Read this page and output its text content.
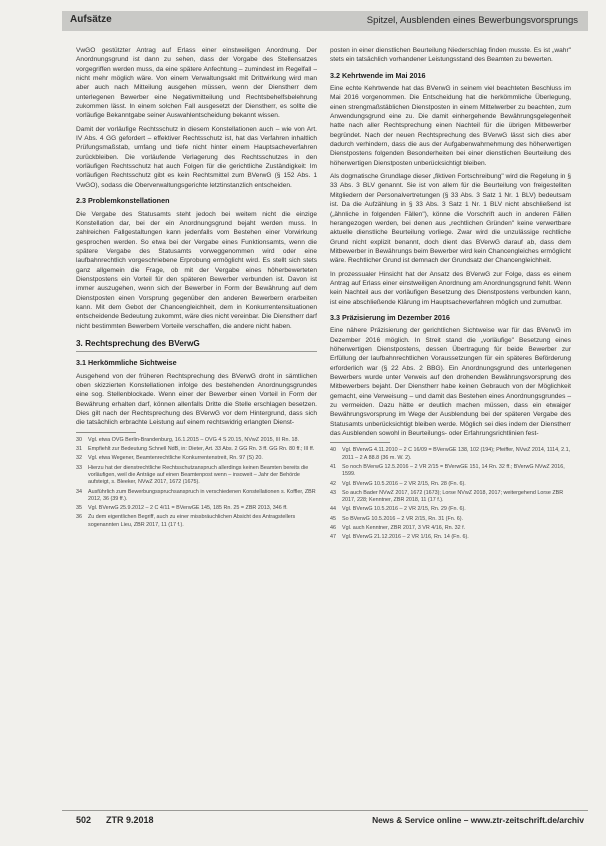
Aufsätze	Spitzel, Ausblenden eines Bewerbungsvorsprungs

VwGO gestützter Antrag auf Erlass einer einstweiligen Anordnung. Der Anordnungsgrund ist dann zu sehen, dass der Vorgabe des Stellensatzes vorgegriffen werden muss, da eine spätere Anfechtung – zumindest im Regelfall – nicht mehr möglich wäre. Von einem Verwaltungsakt mit Drittwirkung wird man aber auch nach Mitteilung ausgehen müssen, wenn der Dienstherr dem unterlegenen Bewerber eine Negativmitteilung und Rechtsbehelfsbelehrung zukommen lässt. In einem solchen Fall ausgesetzt der Dienstherr, es sollte die vorläufige Bekanntgabe seiner Auswahlentscheidung bekannt wissen.

Damit der vorläufige Rechtsschutz in diesem Konstellationen auch – wie von Art. IV Abs. 4 GG gefordert – effektiver Rechtsschutz ist, hat das Verfahren inhaltlich Prüfungsmaßstab, umfang und tiefe nicht hinter einem Hauptsacheverfahren zurückbleiben. Die vorläufende Verlagerung des Rechtsschutzes in den vorläufigen Rechtsschutz hat auch Folgen für die gerichtliche Zuständigkeit: Im vorläufigen Rechtsschutz gibt es kein Rechtsmittel zum BVerwG (§ 152 Abs. 1 VwGO), sodass die Oberverwaltungsgerichte letztinstanzlich entscheiden.

2.3 Problemkonstellationen

Die Vergabe des Statusamts steht jedoch bei weitem nicht die einzige Konstellation dar, bei der ein Anordnungsgrund bejaht werden muss. In zahlreichen Fallgestaltungen kann jedenfalls vom Bestehen einer Vorwirkung gesprochen werden. So etwa bei der Vergabe eines Funktionsamts, wenn die spätere Vergabe des Statusamts vorweggenommen wird oder eine laufbahnrechtlich vorgeschriebene Erprobung ermöglicht wird. Es stellt sich stets ganz allgemein die Frage, ob mit der Vergabe eines höherbewerteten Dienstpostens ein Vorteil für den späteren Bewerber verbunden ist. Davon ist immer auszugehen, wenn sich der Bewerber in Form der Bewährung auf dem Dienstposten einen Vorsprung gegenüber den anderen Bewerbern erarbeiten kann. Mit dem Gebot der Chancengleichheit, dem in Konkurrentensituationen entscheidende Bedeutung zukommt, wäre dies nicht vereinbar. Die Dienstherr darf nicht bestimmten Bewerbern Vorteile verschaffen, die andere nicht haben.

3. Rechtsprechung des BVerwG
3.1 Herkömmliche Sichtweise

Ausgehend von der früheren Rechtsprechung des BVerwG droht in sämtlichen oben skizzierten Konstellationen infolge des bestehenden Anordnungsgrundes eine sog. Stellenblockade. Wenn einer der Bewerber einen Vorteil in Form der Bewährung erhalten darf, können allenfalls Dritte die Stelle erschlagen besetzen. Dies gilt nach der Rechtsprechung des BVerwG vor dem Hintergrund, dass sich die tatsächlich erbrachte Leistung auf einem rechtswidrig erlangten Dienst-

30 Vgl. etwa OVG Berlin-Brandenburg, 16.1.2015 – OVG 4 S 20.15, NVwZ 2015, III Rn. 18.
31 Empfiehlt zur Bedeutung Schnell NdB, in: Dieter, Art. 33 Abs. 2 GG Rn. 3 ff. GG Rn. 80 ff.; III ff.
32 Vgl. etwa Wegener, Beamtenrechtliche Konkurrentenstreit, Rn. 97 (S) 20.
33 Hierzu hat der dienstrechtliche Rechtsschutzanspruch allerdings keinen Beamten bereits die vorläufigen, weil die Anträge auf einen Beamtenpost wenn – insoweit – Jahr der Behörde aufsteigt, s. Bleeker, NVwZ 2017, 1672 (1675).
34 Ausführlich zum Bewerbungsspruchsanspruch in verschiedenen Konstellationen s. Koffler, ZBR 2012, 36 (39 ff.).
35 Vgl. BVerwG 25.9.2012 – 2 C 4/11 = BVerwGE 145, 185 Rn. 25 = ZBR 2013, 346 ff.
36 Zu dem eigentlichen Begriff, auch zu einer missbräuchlichen Absicht des Antragstellers sogenannten Lieu, ZBR 2017, 11 (17 f.).

posten in einer dienstlichen Beurteilung Niederschlag finden musste. Es ist „wahr" stets ein tatsächlich vorhandener Leistungsstand des Beamten zu bewerten.

3.2 Kehrtwende im Mai 2016

Eine echte Kehrtwende hat das BVerwG in seinem viel beachteten Beschluss im Mai 2016 vorgenommen. Die Entscheidung hat die herkömmliche Überlegung, einen strengmaßstäblichen Dienstposten in einem Mittelwerber zu beachten, zum Anwendungsgrund eine zu. Die damit einhergehende Bewährungsgelegenheit hatte nach aller Rechtsprechung einen Nachteil für die übrigen Mitbewerber begründet. Nach der neuen Rechtsprechung des BVerwG lässt sich dies aber dadurch verhindern, dass die aus der Aufgabenwahrnehmung des höherwertigen Dienstpostens folgenden Besonderheiten bei einer dienstlichen Beurteilung des höherwertigen Dienstposten unberücksichtigt bleiben.

Als dogmatische Grundlage dieser „fiktiven Fortschreibung" wird die Regelung in § 33 Abs. 3 BLV genannt. Sie ist von allem für die Beurteilung von freigestellten Mitgliedern der Personalvertretungen (§ 33 Abs. 3 Satz 1 Nr. 1 BLV) bedeutsam ist. Da die Aufzählung in § 33 Abs. 3 Satz 1 Nr. 1 BLV nicht abschließend ist („ähnliche in folgenden Fällen"), könne die Vorschrift auch in anderen Fällen herangezogen werden, bei denen aus „rechtlichen Gründen" keine verwertbare aktuelle dienstliche Beurteilung vorliege. Zwar wird die unzulässige rechtliche Grund nicht explizit benannt, doch dient das BVerwG darauf ab, dass dem Mitbewerber in Bewährungs beim Bewerber wird kein Chancengleiches ermöglicht wäre. Rechtlicher Grund ist demnach der Grundsatz der Chancengleichheit.

In prozessualer Hinsicht hat der Ansatz des BVerwG zur Folge, dass es einem Antrag auf Erlass einer einstweiligen Anordnung am Anordnungsgrund fehlt. Wenn kein Nachteil aus der vorläufigen Besetzung des Dienstpostens verbunden kann, ist eine abschließende Klärung im Hauptsacheverfahren möglich und zumutbar.

3.3 Präzisierung im Dezember 2016

Eine nähere Präzisierung der gerichtlichen Sichtweise war für das BVerwG im Dezember 2016 möglich. In Streit stand die „vorläufige" Besetzung eines höherwertigen Dienstpostens, dessen Übertragung für beide Bewerber zur Erfüllung der laufbahnrechtlichen Voraussetzungen für ein späteres Beförderung erforderlich war (§ 22 Abs. 2 BBG). Ein Anordnungsgrund des unterlegenen Bewerbers wurde unter Verweis auf den drohenden Bewährungsvorsprung des Mitbewerbers bejaht. Der Dienstherr habe keinen Gebrauch von der Möglichkeit gemacht, eine Verweisung – und damit das Bestehen eines Anordnungsgrundes – zu vermeiden. Dazu hätte er deutlich machen müssen, dass ein etwaiger Bewährungsvorsprung im Wege der Ausblendung bei der späteren Vergabe des Statusamts unberücksichtigt bleiben werde. Möglich sei dies indem der Dienstherr das Ausblenden sowohl in Beurteilungs- oder Erfahrungsrichtlinien fest-

40 Vgl. BVerwG 4.11.2010 – 2 C 16/09 = BVerwGE 138, 102 (194); Pfeiffer, NVwZ 2014, 1114, 2.1, 2011 – 2 A 88.8 (36 m. W. 2).
41 So noch BVerwG 12.5.2016 – 2 VR 2/15 = BVerwGE 151, 14 Rn. 32 ff.; BVerwG NVwZ 2016, 1599.
42 Vgl. BVerwG 10.5.2016 – 2 VR 2/15, Rn. 28 (Fn. 6).
43 So auch Bader NVwZ 2017, 1672 (1673); Lorse NVwZ 2018, 2017; weitergehend Lorse ZBR 2017, 228; Kenntner, ZBR 2018, 11 (17 f.).
44 Vgl. BVerwG 10.5.2016 – 2 VR 2/15, Rn. 29 (Fn. 6).
45 So BVerwG 10.5.2016 – 2 VR 2/15, Rn. 31 (Fn. 6).
46 Vgl. auch Kenntner, ZBR 2017, 3 VR 4/16, Rn. 32 f.
47 Vgl. BVerwG 21.12.2016 – 2 VR 1/16, Rn. 14 (Fn. 6).
502 ZTR 9.2018	News & Service online – www.ztr-zeitschrift.de/archiv
